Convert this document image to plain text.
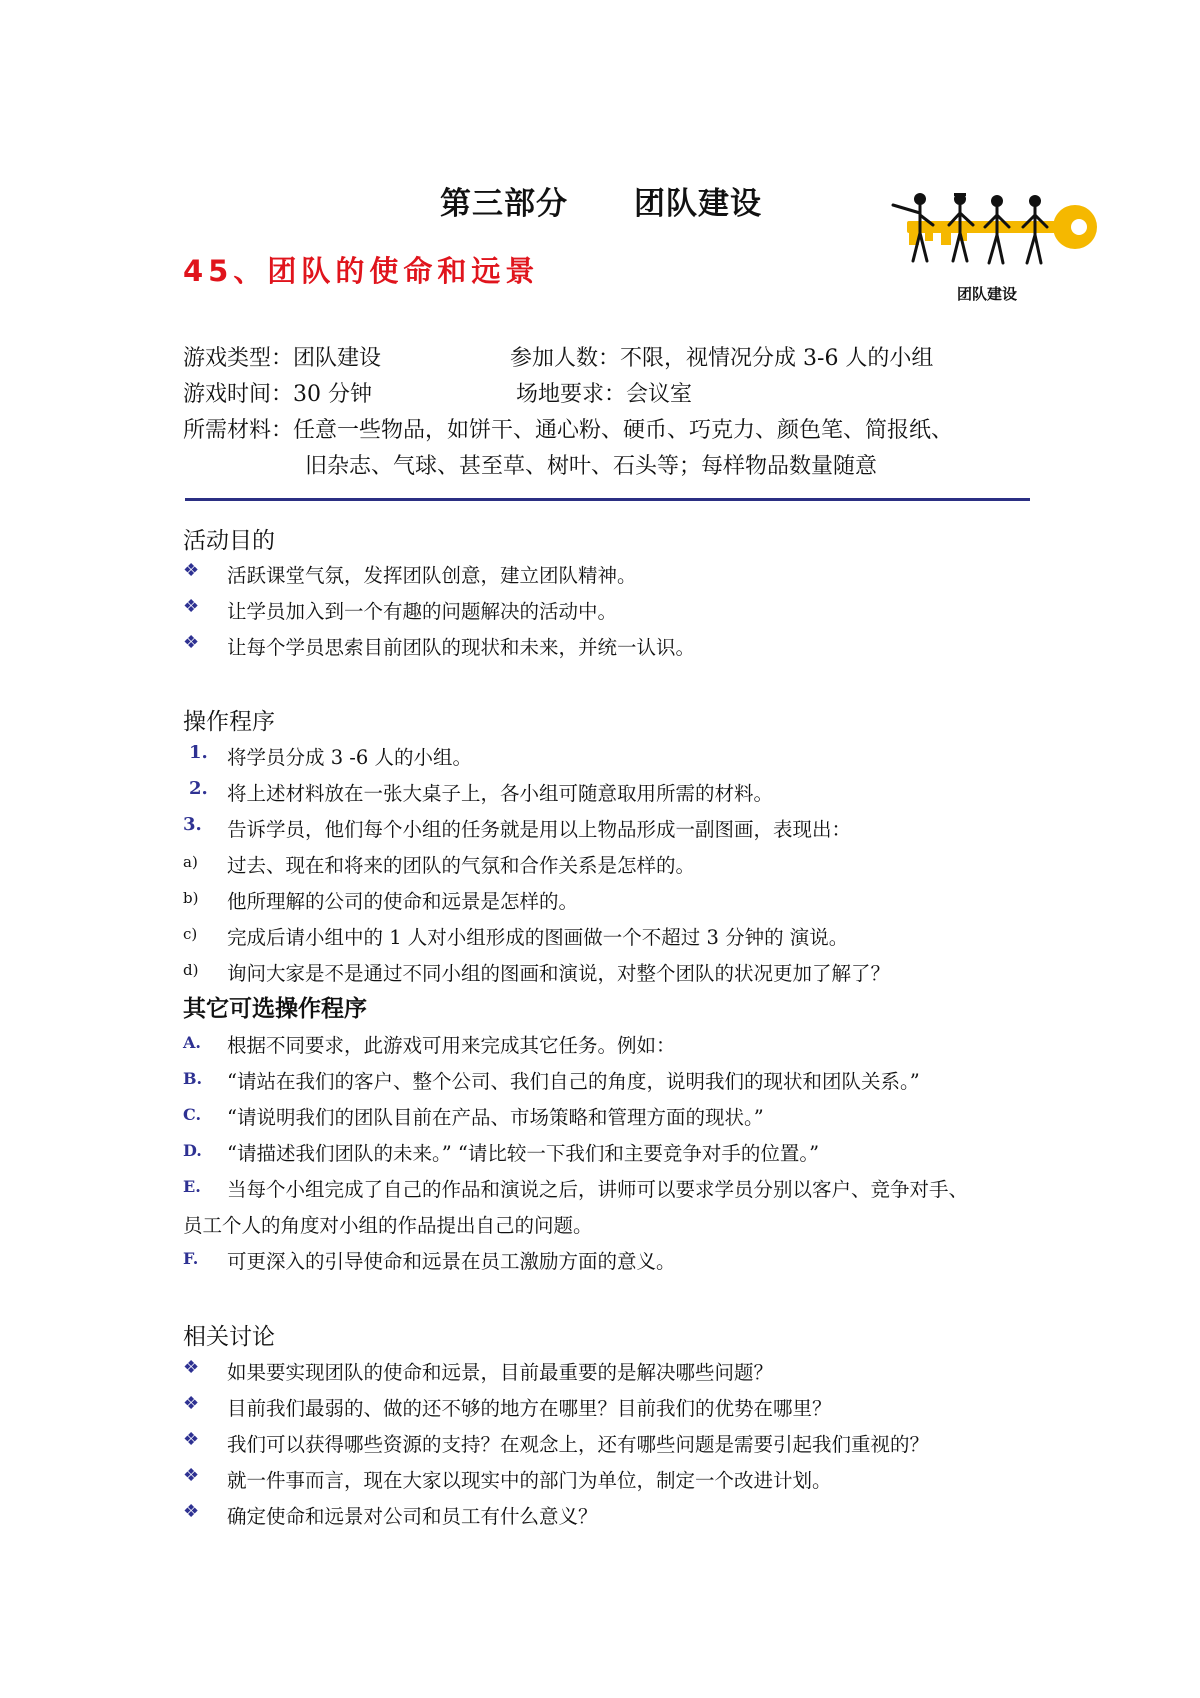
第三部分 团队建设
45、团队的使命和远景
团队建设
游戏类型：团队建设	参加人数：不限，视情况分成 3-6 人的小组
游戏时间：30 分钟	场地要求：会议室
所需材料：任意一些物品，如饼干、通心粉、硬币、巧克力、颜色笔、简报纸、
旧杂志、气球、甚至草、树叶、石头等；每样物品数量随意
活动目的
❖	活跃课堂气氛，发挥团队创意，建立团队精神。
❖	让学员加入到一个有趣的问题解决的活动中。
❖	让每个学员思索目前团队的现状和未来，并统一认识。
操作程序
1. 将学员分成 3 -6 人的小组。
2. 将上述材料放在一张大桌子上，各小组可随意取用所需的材料。
3.	告诉学员，他们每个小组的任务就是用以上物品形成一副图画，表现出：
a)	过去、现在和将来的团队的气氛和合作关系是怎样的。
b)	他所理解的公司的使命和远景是怎样的。
c)	完成后请小组中的 1 人对小组形成的图画做一个不超过 3 分钟的 演说。
d)	询问大家是不是通过不同小组的图画和演说，对整个团队的状况更加了解了？
其它可选操作程序
A.	根据不同要求，此游戏可用来完成其它任务。例如：
B.	“请站在我们的客户、整个公司、我们自己的角度，说明我们的现状和团队关系。”
C.	“请说明我们的团队目前在产品、市场策略和管理方面的现状。”
D.	“请描述我们团队的未来。” “请比较一下我们和主要竞争对手的位置。”
E.	当每个小组完成了自己的作品和演说之后，讲师可以要求学员分别以客户、竞争对手、
员工个人的角度对小组的作品提出自己的问题。
F.	可更深入的引导使命和远景在员工激励方面的意义。
相关讨论
❖	如果要实现团队的使命和远景，目前最重要的是解决哪些问题？
❖	目前我们最弱的、做的还不够的地方在哪里？目前我们的优势在哪里？
❖	我们可以获得哪些资源的支持？在观念上，还有哪些问题是需要引起我们重视的？
❖	就一件事而言，现在大家以现实中的部门为单位，制定一个改进计划。
❖	确定使命和远景对公司和员工有什么意义？
